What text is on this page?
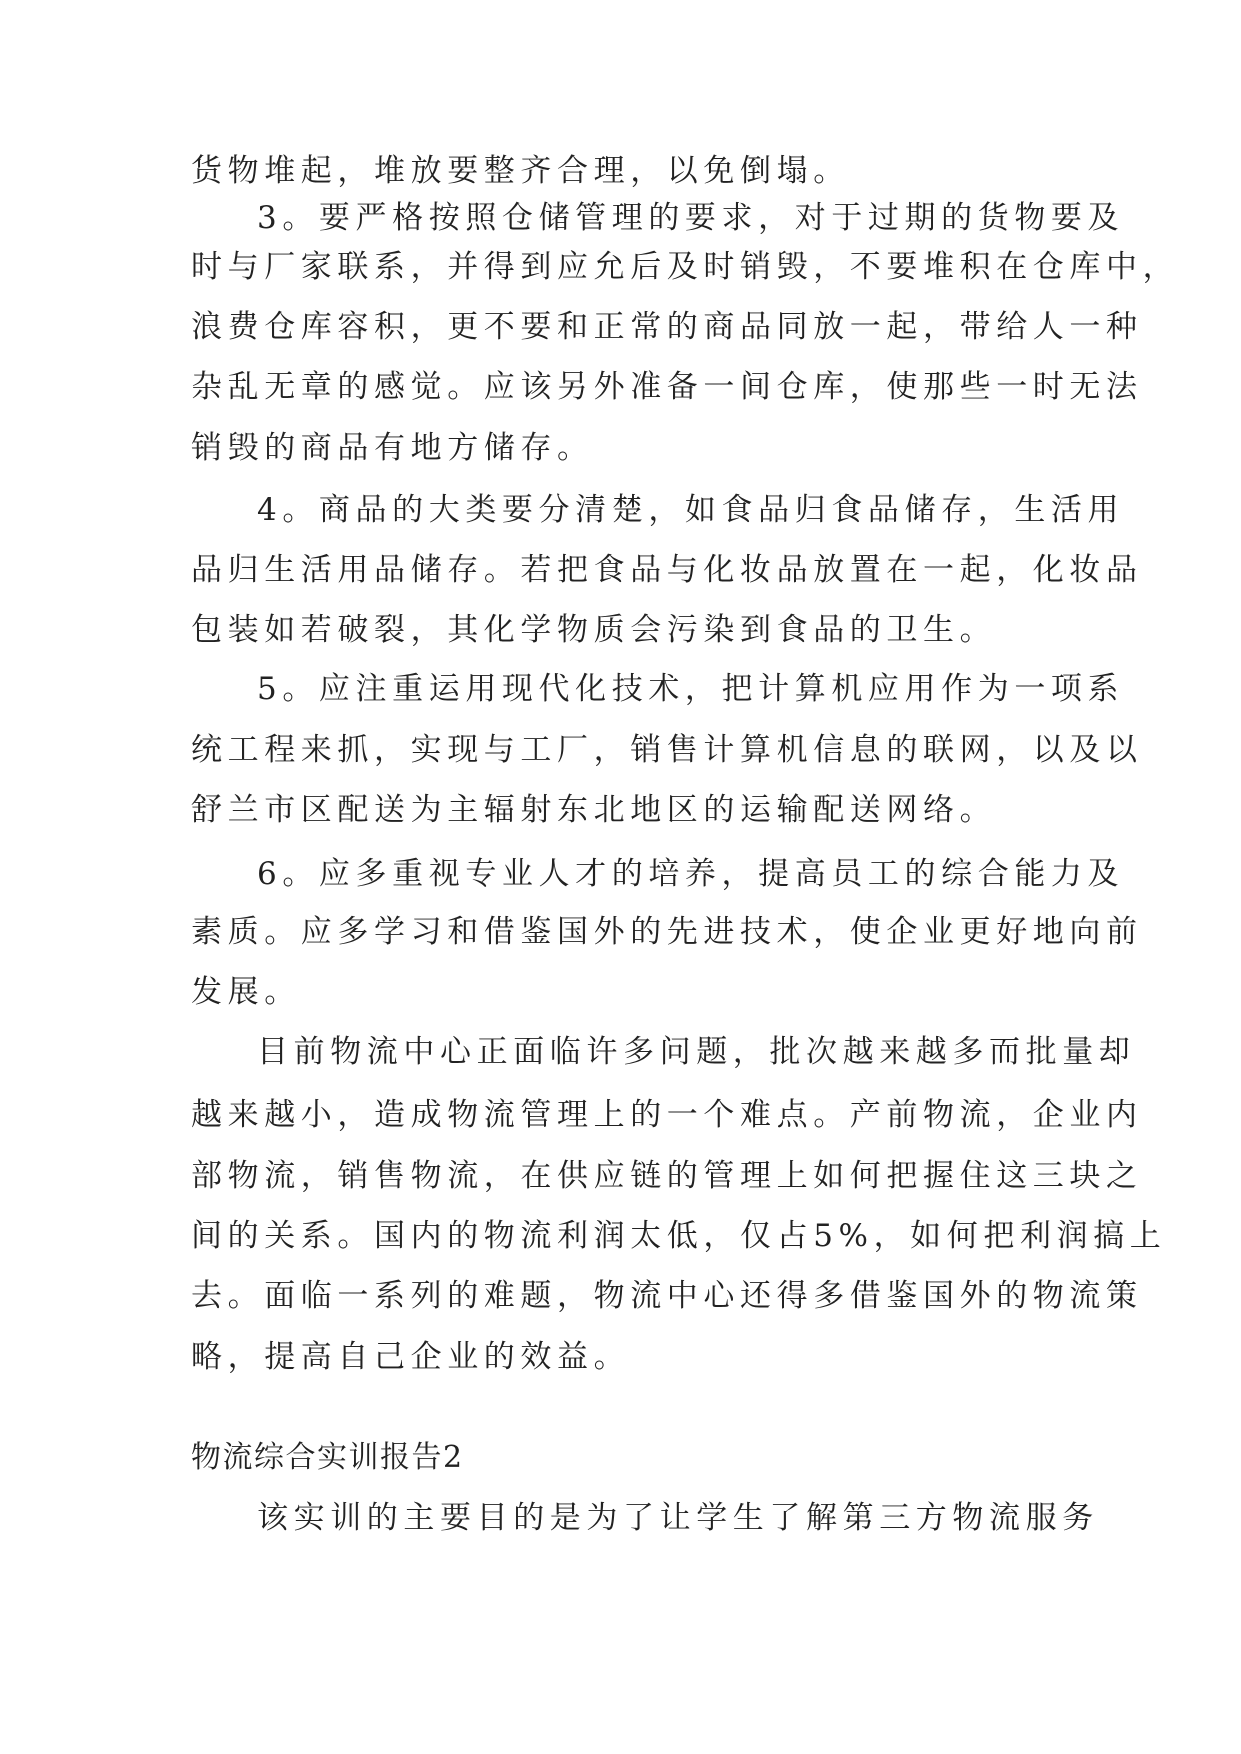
货物堆起，堆放要整齐合理，以免倒塌。
3。要严格按照仓储管理的要求，对于过期的货物要及
时与厂家联系，并得到应允后及时销毁，不要堆积在仓库中，
浪费仓库容积，更不要和正常的商品同放一起，带给人一种
杂乱无章的感觉。应该另外准备一间仓库，使那些一时无法
销毁的商品有地方储存。
4。商品的大类要分清楚，如食品归食品储存，生活用
品归生活用品储存。若把食品与化妆品放置在一起，化妆品
包装如若破裂，其化学物质会污染到食品的卫生。
5。应注重运用现代化技术，把计算机应用作为一项系
统工程来抓，实现与工厂，销售计算机信息的联网，以及以
舒兰市区配送为主辐射东北地区的运输配送网络。
6。应多重视专业人才的培养，提高员工的综合能力及
素质。应多学习和借鉴国外的先进技术，使企业更好地向前
发展。
目前物流中心正面临许多问题，批次越来越多而批量却
越来越小，造成物流管理上的一个难点。产前物流，企业内
部物流，销售物流，在供应链的管理上如何把握住这三块之
间的关系。国内的物流利润太低，仅占5%，如何把利润搞上
去。面临一系列的难题，物流中心还得多借鉴国外的物流策
略，提高自己企业的效益。
物流综合实训报告2
该实训的主要目的是为了让学生了解第三方物流服务
